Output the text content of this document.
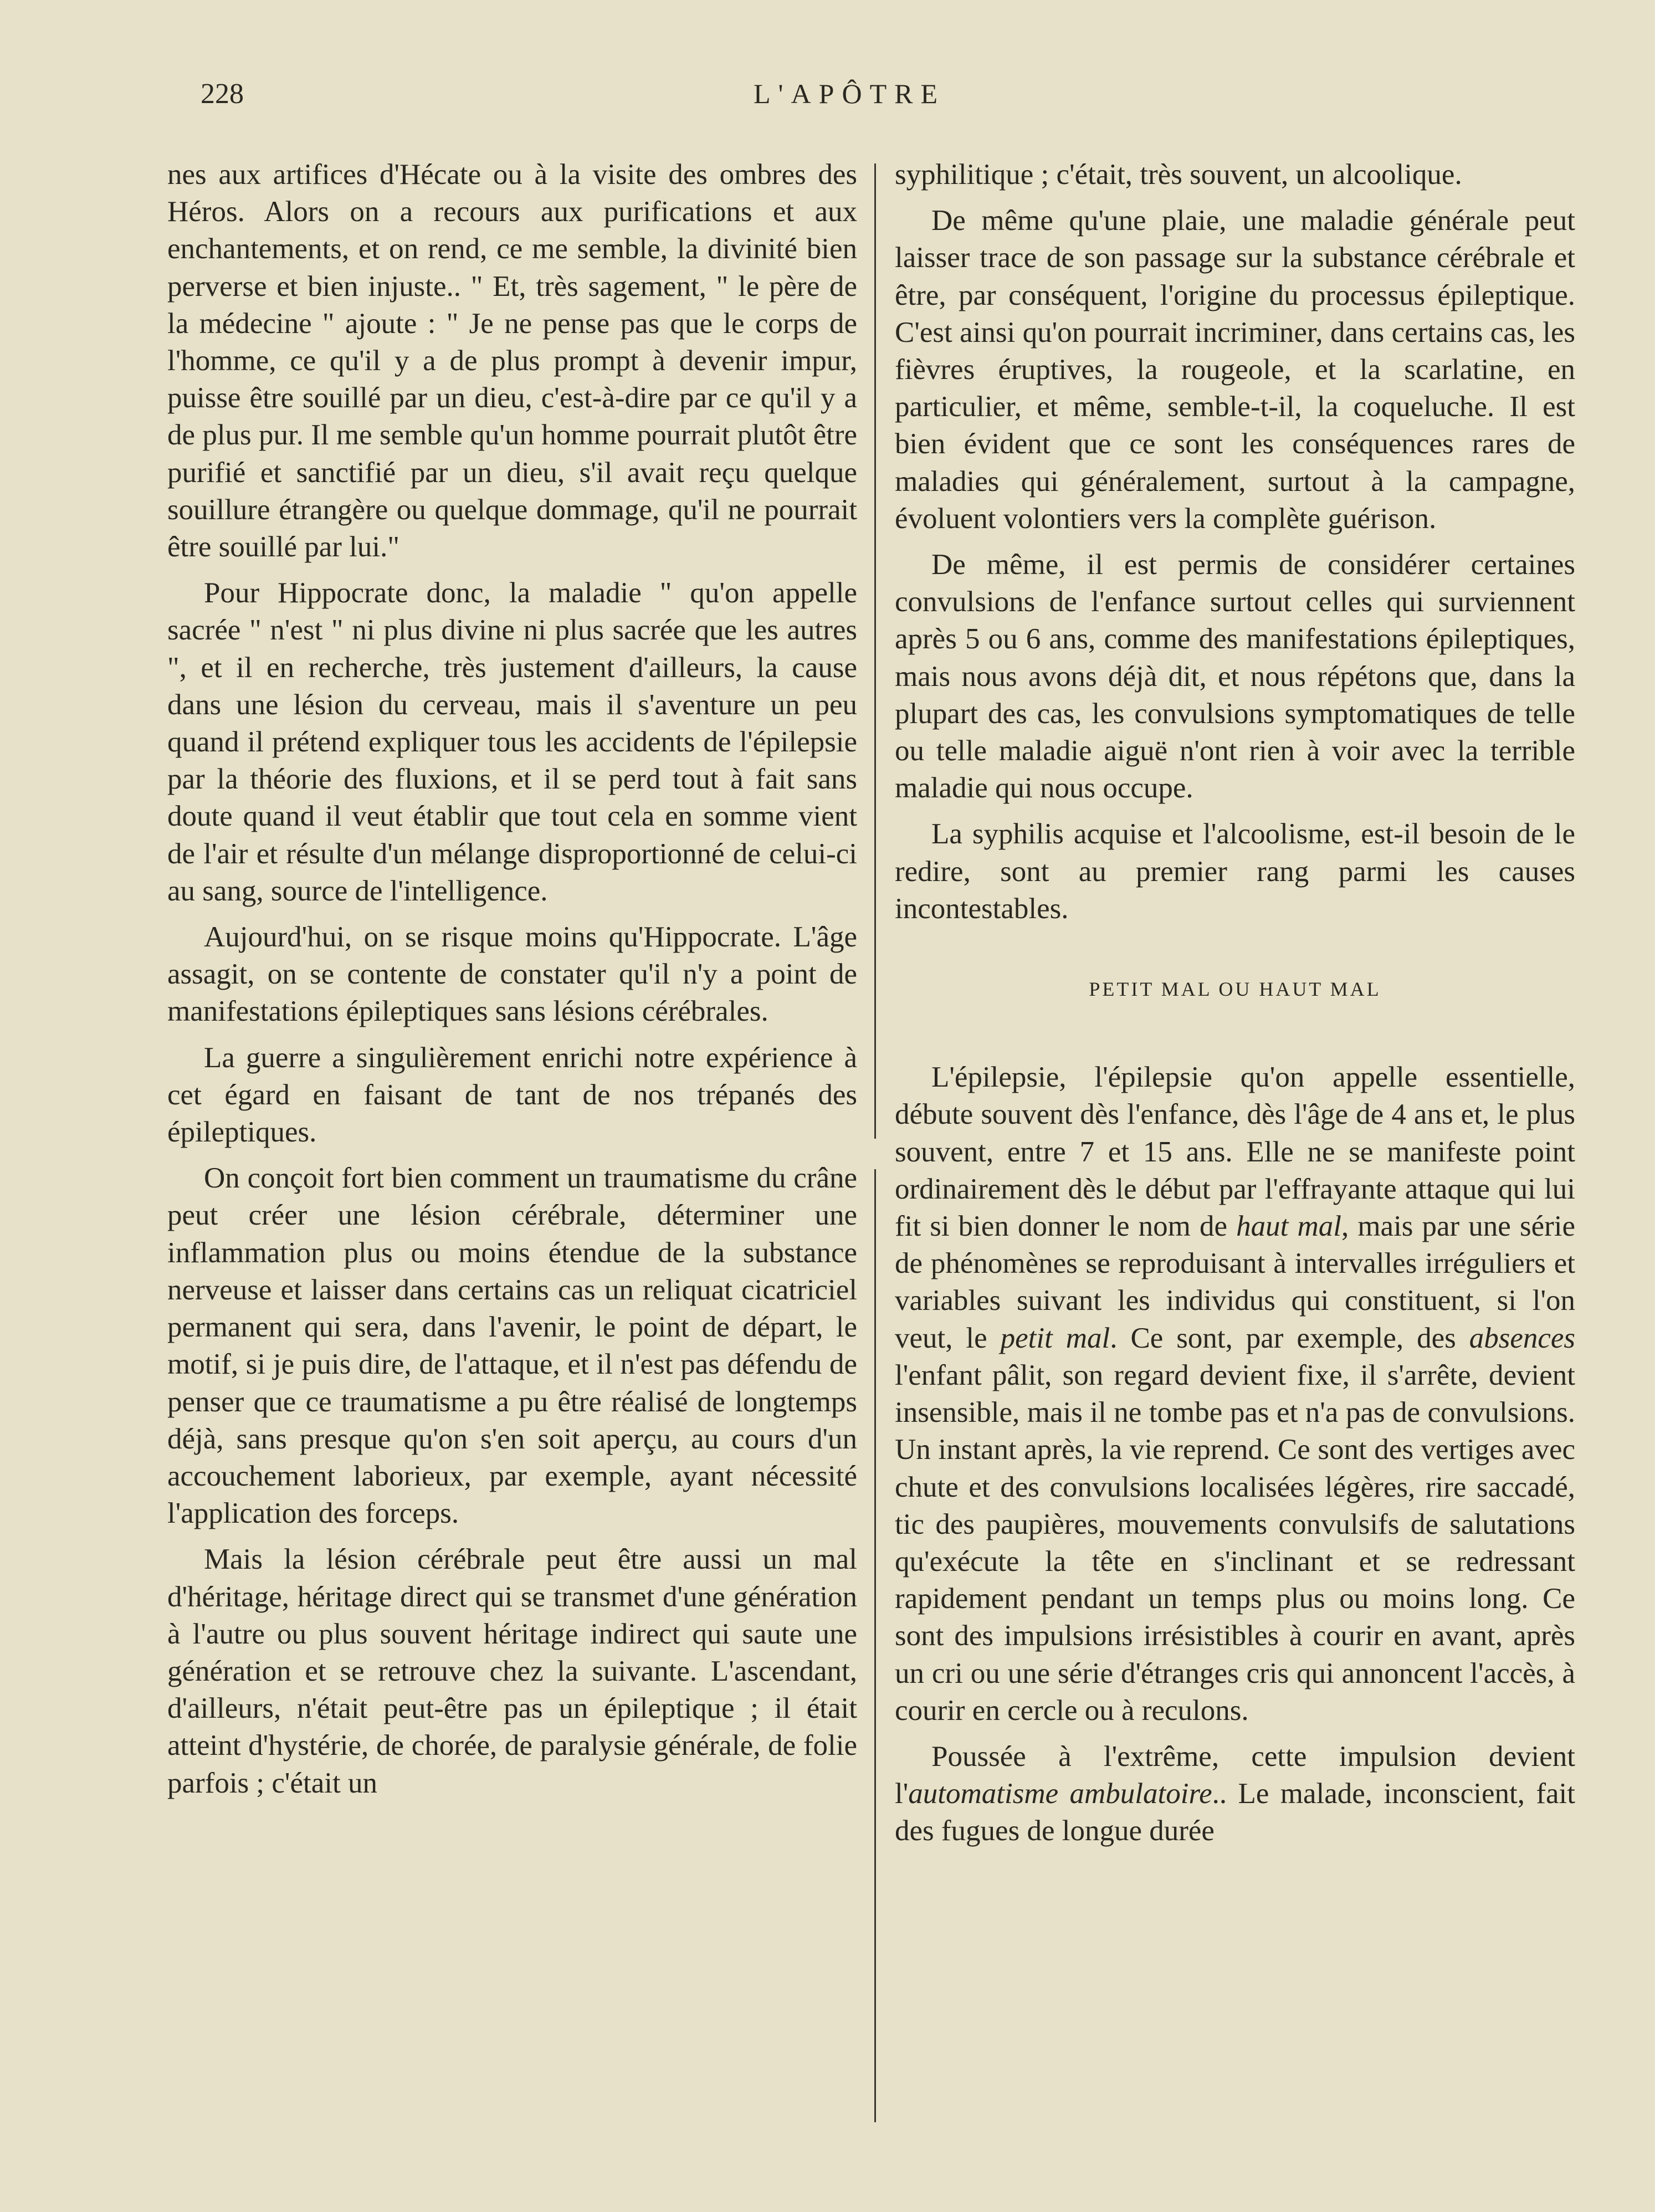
228	L'APÔTRE

nes aux artifices d'Hécate ou à la visite des ombres des Héros. Alors on a recours aux purifications et aux enchantements, et on rend, ce me semble, la divinité bien perverse et bien injuste.. " Et, très sagement, " le père de la médecine " ajoute : " Je ne pense pas que le corps de l'homme, ce qu'il y a de plus prompt à devenir impur, puisse être souillé par un dieu, c'est-à-dire par ce qu'il y a de plus pur. Il me semble qu'un homme pourrait plutôt être purifié et sanctifié par un dieu, s'il avait reçu quelque souillure étrangère ou quelque dommage, qu'il ne pourrait être souillé par lui."

Pour Hippocrate donc, la maladie " qu'on appelle sacrée " n'est " ni plus divine ni plus sacrée que les autres ", et il en recherche, très justement d'ailleurs, la cause dans une lésion du cerveau, mais il s'aventure un peu quand il prétend expliquer tous les accidents de l'épilepsie par la théorie des fluxions, et il se perd tout à fait sans doute quand il veut établir que tout cela en somme vient de l'air et résulte d'un mélange disproportionné de celui-ci au sang, source de l'intelligence.

Aujourd'hui, on se risque moins qu'Hippocrate. L'âge assagit, on se contente de constater qu'il n'y a point de manifestations épileptiques sans lésions cérébrales.

La guerre a singulièrement enrichi notre expérience à cet égard en faisant de tant de nos trépanés des épileptiques.

On conçoit fort bien comment un traumatisme du crâne peut créer une lésion cérébrale, déterminer une inflammation plus ou moins étendue de la substance nerveuse et laisser dans certains cas un reliquat cicatriciel permanent qui sera, dans l'avenir, le point de départ, le motif, si je puis dire, de l'attaque, et il n'est pas défendu de penser que ce traumatisme a pu être réalisé de longtemps déjà, sans presque qu'on s'en soit aperçu, au cours d'un accouchement laborieux, par exemple, ayant nécessité l'application des forceps.

Mais la lésion cérébrale peut être aussi un mal d'héritage, héritage direct qui se transmet d'une génération à l'autre ou plus souvent héritage indirect qui saute une génération et se retrouve chez la suivante. L'ascendant, d'ailleurs, n'était peut-être pas un épileptique ; il était atteint d'hystérie, de chorée, de paralysie générale, de folie parfois ; c'était un

syphilitique ; c'était, très souvent, un alcoolique.

De même qu'une plaie, une maladie générale peut laisser trace de son passage sur la substance cérébrale et être, par conséquent, l'origine du processus épileptique. C'est ainsi qu'on pourrait incriminer, dans certains cas, les fièvres éruptives, la rougeole, et la scarlatine, en particulier, et même, semble-t-il, la coqueluche. Il est bien évident que ce sont les conséquences rares de maladies qui généralement, surtout à la campagne, évoluent volontiers vers la complète guérison.

De même, il est permis de considérer certaines convulsions de l'enfance surtout celles qui surviennent après 5 ou 6 ans, comme des manifestations épileptiques, mais nous avons déjà dit, et nous répétons que, dans la plupart des cas, les convulsions symptomatiques de telle ou telle maladie aiguë n'ont rien à voir avec la terrible maladie qui nous occupe.

La syphilis acquise et l'alcoolisme, est-il besoin de le redire, sont au premier rang parmi les causes incontestables.

PETIT MAL OU HAUT MAL

L'épilepsie, l'épilepsie qu'on appelle essentielle, débute souvent dès l'enfance, dès l'âge de 4 ans et, le plus souvent, entre 7 et 15 ans. Elle ne se manifeste point ordinairement dès le début par l'effrayante attaque qui lui fit si bien donner le nom de haut mal, mais par une série de phénomènes se reproduisant à intervalles irréguliers et variables suivant les individus qui constituent, si l'on veut, le petit mal. Ce sont, par exemple, des absences l'enfant pâlit, son regard devient fixe, il s'arrête, devient insensible, mais il ne tombe pas et n'a pas de convulsions. Un instant après, la vie reprend. Ce sont des vertiges avec chute et des convulsions localisées légères, rire saccadé, tic des paupières, mouvements convulsifs de salutations qu'exécute la tête en s'inclinant et se redressant rapidement pendant un temps plus ou moins long. Ce sont des impulsions irrésistibles à courir en avant, après un cri ou une série d'étranges cris qui annoncent l'accès, à courir en cercle ou à reculons.

Poussée à l'extrême, cette impulsion devient l'automatisme ambulatoire.. Le malade, inconscient, fait des fugues de longue durée
